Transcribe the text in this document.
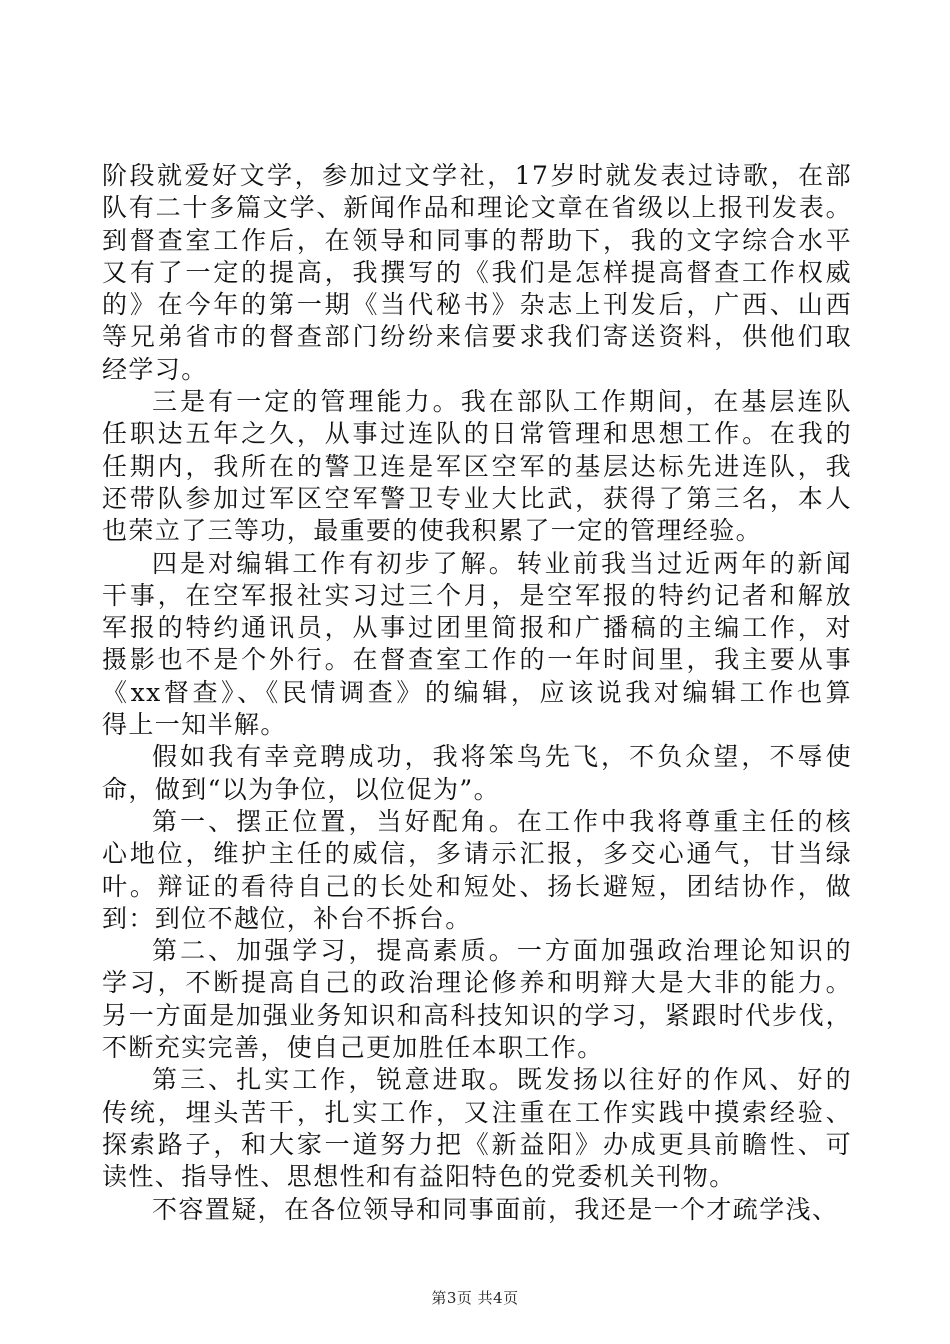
阶段就爱好文学，参加过文学社，17岁时就发表过诗歌，在部
队有二十多篇文学、新闻作品和理论文章在省级以上报刊发表。
到督查室工作后，在领导和同事的帮助下，我的文字综合水平
又有了一定的提高，我撰写的《我们是怎样提高督查工作权威
的》在今年的第一期《当代秘书》杂志上刊发后，广西、山西
等兄弟省市的督查部门纷纷来信要求我们寄送资料，供他们取
经学习。
三是有一定的管理能力。我在部队工作期间，在基层连队
任职达五年之久，从事过连队的日常管理和思想工作。在我的
任期内，我所在的警卫连是军区空军的基层达标先进连队，我
还带队参加过军区空军警卫专业大比武，获得了第三名，本人
也荣立了三等功，最重要的使我积累了一定的管理经验。
四是对编辑工作有初步了解。转业前我当过近两年的新闻
干事，在空军报社实习过三个月，是空军报的特约记者和解放
军报的特约通讯员，从事过团里简报和广播稿的主编工作，对
摄影也不是个外行。在督查室工作的一年时间里，我主要从事
《xx督查》、《民情调查》的编辑，应该说我对编辑工作也算
得上一知半解。
假如我有幸竞聘成功，我将笨鸟先飞，不负众望，不辱使
命，做到“以为争位，以位促为”。
第一、摆正位置，当好配角。在工作中我将尊重主任的核
心地位，维护主任的威信，多请示汇报，多交心通气，甘当绿
叶。辩证的看待自己的长处和短处、扬长避短，团结协作，做
到：到位不越位，补台不拆台。
第二、加强学习，提高素质。一方面加强政治理论知识的
学习，不断提高自己的政治理论修养和明辩大是大非的能力。
另一方面是加强业务知识和高科技知识的学习，紧跟时代步伐，
不断充实完善，使自己更加胜任本职工作。
第三、扎实工作，锐意进取。既发扬以往好的作风、好的
传统，埋头苦干，扎实工作，又注重在工作实践中摸索经验、
探索路子，和大家一道努力把《新益阳》办成更具前瞻性、可
读性、指导性、思想性和有益阳特色的党委机关刊物。
不容置疑，在各位领导和同事面前，我还是一个才疏学浅、
第3页 共4页
